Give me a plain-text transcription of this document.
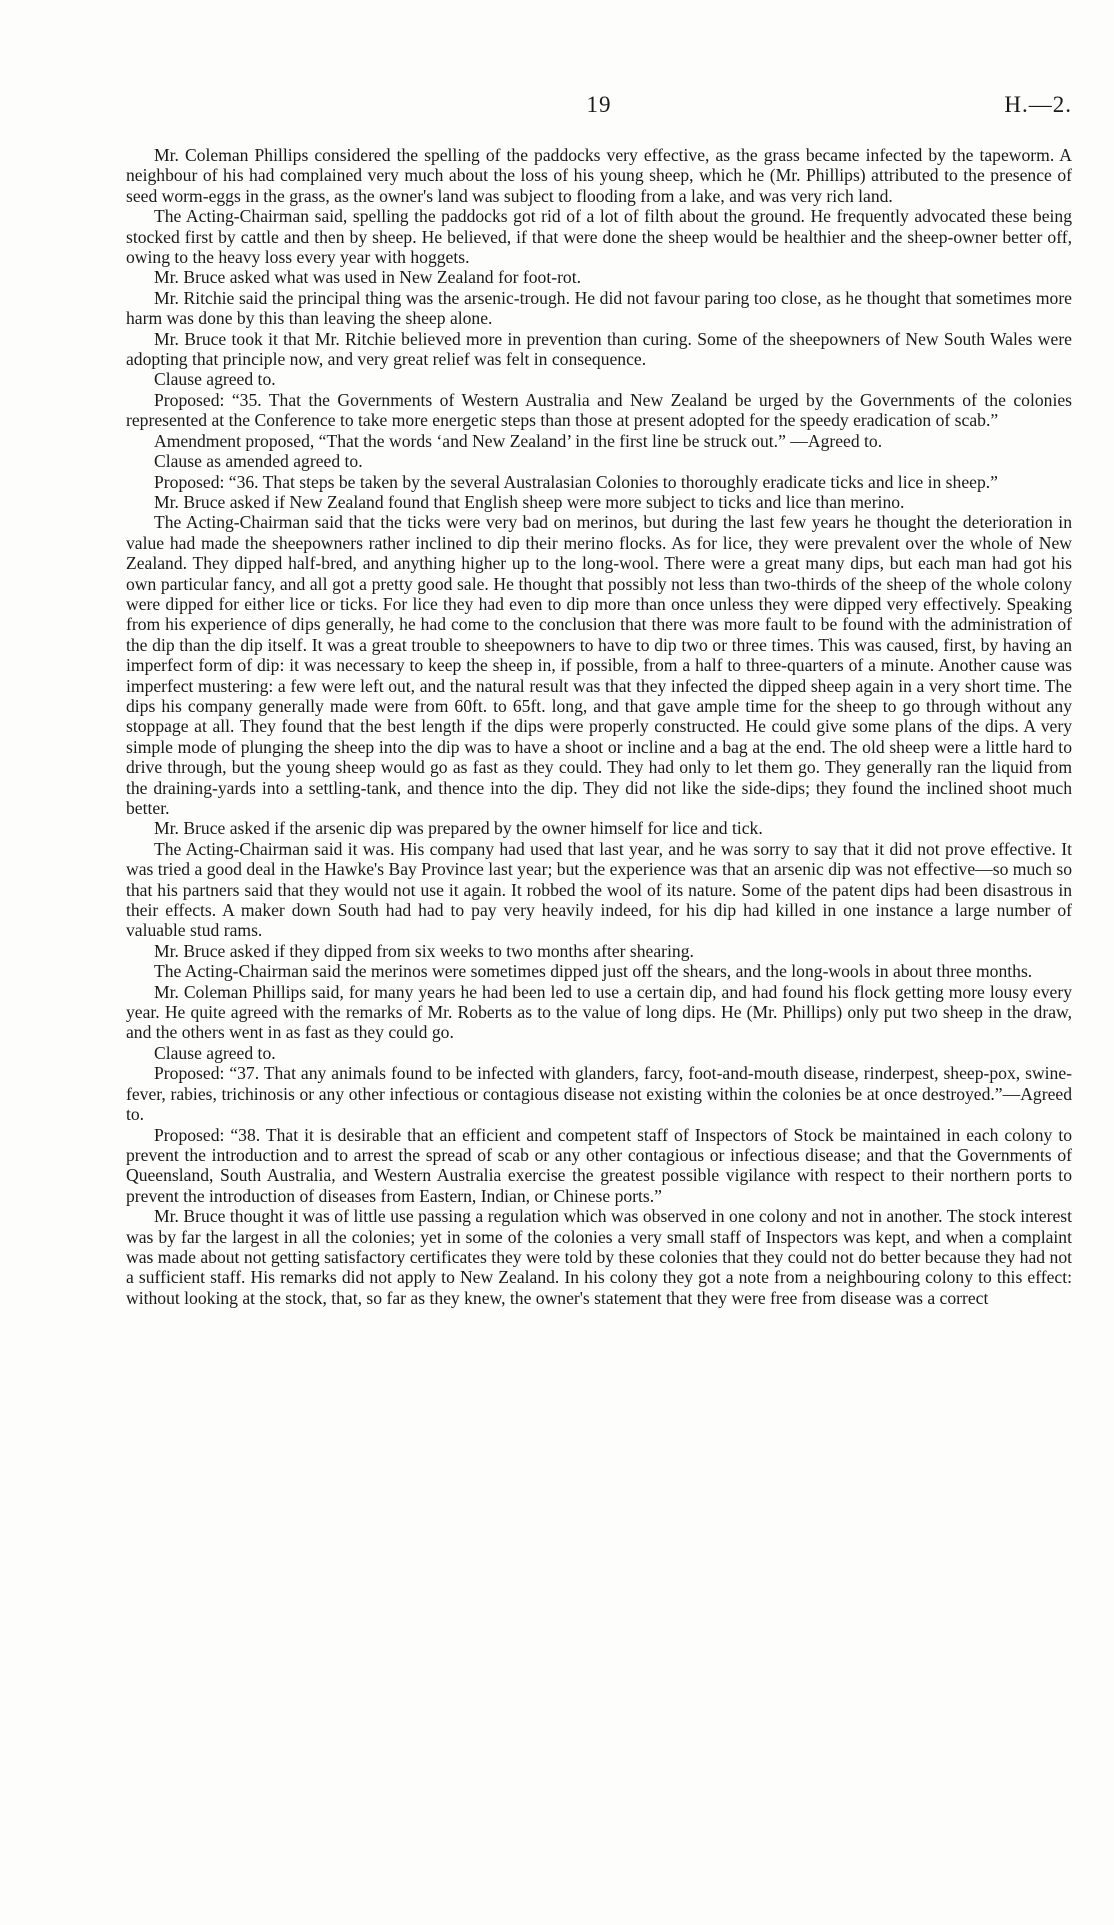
19	H.—2.

Mr. Coleman Phillips considered the spelling of the paddocks very effective, as the grass became infected by the tapeworm. A neighbour of his had complained very much about the loss of his young sheep, which he (Mr. Phillips) attributed to the presence of seed worm-eggs in the grass, as the owner's land was subject to flooding from a lake, and was very rich land.

The Acting-Chairman said, spelling the paddocks got rid of a lot of filth about the ground. He frequently advocated these being stocked first by cattle and then by sheep. He believed, if that were done the sheep would be healthier and the sheep-owner better off, owing to the heavy loss every year with hoggets.

Mr. Bruce asked what was used in New Zealand for foot-rot.

Mr. Ritchie said the principal thing was the arsenic-trough. He did not favour paring too close, as he thought that sometimes more harm was done by this than leaving the sheep alone.

Mr. Bruce took it that Mr. Ritchie believed more in prevention than curing. Some of the sheepowners of New South Wales were adopting that principle now, and very great relief was felt in consequence.

Clause agreed to.

Proposed: “35. That the Governments of Western Australia and New Zealand be urged by the Governments of the colonies represented at the Conference to take more energetic steps than those at present adopted for the speedy eradication of scab.”

Amendment proposed, “That the words ‘and New Zealand’ in the first line be struck out.” —Agreed to.

Clause as amended agreed to.

Proposed: “36. That steps be taken by the several Australasian Colonies to thoroughly eradicate ticks and lice in sheep.”

Mr. Bruce asked if New Zealand found that English sheep were more subject to ticks and lice than merino.

The Acting-Chairman said that the ticks were very bad on merinos, but during the last few years he thought the deterioration in value had made the sheepowners rather inclined to dip their merino flocks. As for lice, they were prevalent over the whole of New Zealand. They dipped half-bred, and anything higher up to the long-wool. There were a great many dips, but each man had got his own particular fancy, and all got a pretty good sale. He thought that possibly not less than two-thirds of the sheep of the whole colony were dipped for either lice or ticks. For lice they had even to dip more than once unless they were dipped very effectively. Speaking from his experience of dips generally, he had come to the conclusion that there was more fault to be found with the administration of the dip than the dip itself. It was a great trouble to sheepowners to have to dip two or three times. This was caused, first, by having an imperfect form of dip: it was necessary to keep the sheep in, if possible, from a half to three-quarters of a minute. Another cause was imperfect mustering: a few were left out, and the natural result was that they infected the dipped sheep again in a very short time. The dips his company generally made were from 60ft. to 65ft. long, and that gave ample time for the sheep to go through without any stoppage at all. They found that the best length if the dips were properly constructed. He could give some plans of the dips. A very simple mode of plunging the sheep into the dip was to have a shoot or incline and a bag at the end. The old sheep were a little hard to drive through, but the young sheep would go as fast as they could. They had only to let them go. They generally ran the liquid from the draining-yards into a settling-tank, and thence into the dip. They did not like the side-dips; they found the inclined shoot much better.

Mr. Bruce asked if the arsenic dip was prepared by the owner himself for lice and tick.

The Acting-Chairman said it was. His company had used that last year, and he was sorry to say that it did not prove effective. It was tried a good deal in the Hawke's Bay Province last year; but the experience was that an arsenic dip was not effective—so much so that his partners said that they would not use it again. It robbed the wool of its nature. Some of the patent dips had been disastrous in their effects. A maker down South had had to pay very heavily indeed, for his dip had killed in one instance a large number of valuable stud rams.

Mr. Bruce asked if they dipped from six weeks to two months after shearing.

The Acting-Chairman said the merinos were sometimes dipped just off the shears, and the long-wools in about three months.

Mr. Coleman Phillips said, for many years he had been led to use a certain dip, and had found his flock getting more lousy every year. He quite agreed with the remarks of Mr. Roberts as to the value of long dips. He (Mr. Phillips) only put two sheep in the draw, and the others went in as fast as they could go.

Clause agreed to.

Proposed: “37. That any animals found to be infected with glanders, farcy, foot-and-mouth disease, rinderpest, sheep-pox, swine-fever, rabies, trichinosis or any other infectious or contagious disease not existing within the colonies be at once destroyed.”—Agreed to.

Proposed: “38. That it is desirable that an efficient and competent staff of Inspectors of Stock be maintained in each colony to prevent the introduction and to arrest the spread of scab or any other contagious or infectious disease; and that the Governments of Queensland, South Australia, and Western Australia exercise the greatest possible vigilance with respect to their northern ports to prevent the introduction of diseases from Eastern, Indian, or Chinese ports.”

Mr. Bruce thought it was of little use passing a regulation which was observed in one colony and not in another. The stock interest was by far the largest in all the colonies; yet in some of the colonies a very small staff of Inspectors was kept, and when a complaint was made about not getting satisfactory certificates they were told by these colonies that they could not do better because they had not a sufficient staff. His remarks did not apply to New Zealand. In his colony they got a note from a neighbouring colony to this effect: without looking at the stock, that, so far as they knew, the owner's statement that they were free from disease was a correct
